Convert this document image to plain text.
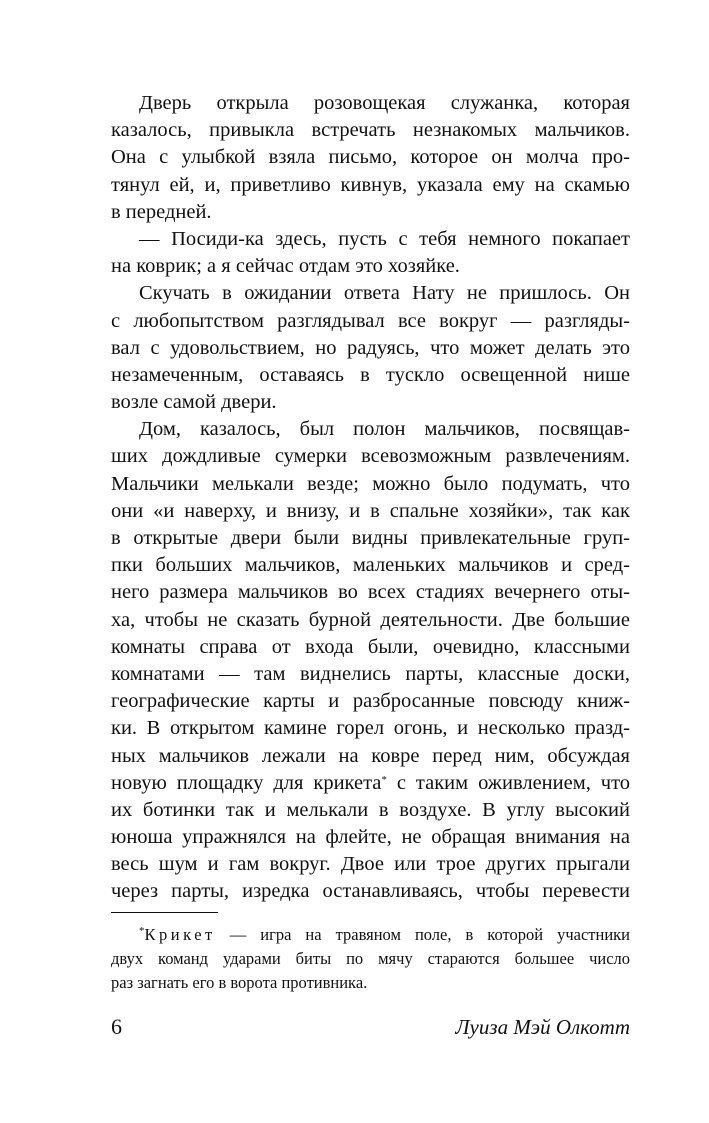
Дверь открыла розовощекая служанка, которая
казалось, привыкла встречать незнакомых мальчиков.
Она с улыбкой взяла письмо, которое он молча про-
тянул ей, и, приветливо кивнув, указала ему на скамью
в передней.
— Посиди-ка здесь, пусть с тебя немного покапает
на коврик; а я сейчас отдам это хозяйке.
Скучать в ожидании ответа Нату не пришлось. Он
с любопытством разглядывал все вокруг — разгляды-
вал с удовольствием, но радуясь, что может делать это
незамеченным, оставаясь в тускло освещенной нише
возле самой двери.
Дом, казалось, был полон мальчиков, посвящав-
ших дождливые сумерки всевозможным развлечениям.
Мальчики мелькали везде; можно было подумать, что
они «и наверху, и внизу, и в спальне хозяйки», так как
в открытые двери были видны привлекательные груп-
пки больших мальчиков, маленьких мальчиков и сред-
него размера мальчиков во всех стадиях вечернего оты-
ха, чтобы не сказать бурной деятельности. Две большие
комнаты справа от входа были, очевидно, классными
комнатами — там виднелись парты, классные доски,
географические карты и разбросанные повсюду книж-
ки. В открытом камине горел огонь, и несколько празд-
ных мальчиков лежали на ковре перед ним, обсуждая
новую площадку для крикета* с таким оживлением, что
их ботинки так и мелькали в воздухе. В углу высокий
юноша упражнялся на флейте, не обращая внимания на
весь шум и гам вокруг. Двое или трое других прыгали
через парты, изредка останавливаясь, чтобы перевести
*Крикет — игра на травяном поле, в которой участники
двух команд ударами биты по мячу стараются большее число
раз загнать его в ворота противника.
6	Луиза Мэй Олкотт
